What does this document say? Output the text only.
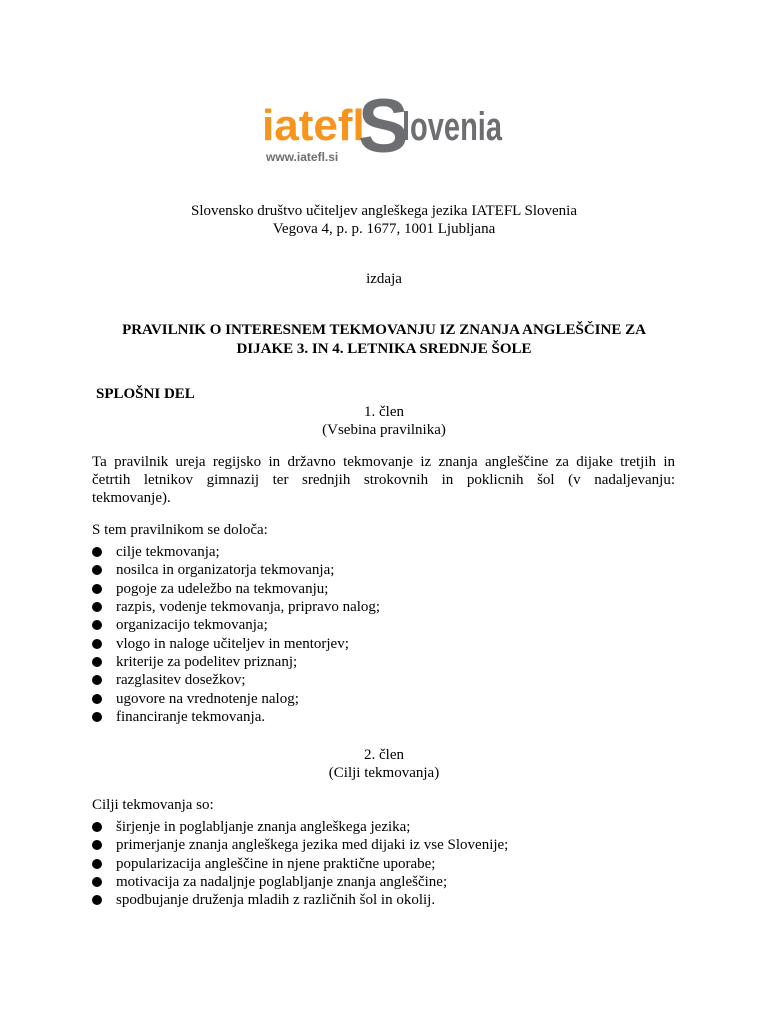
iatefl
S
lovenia
www.iatefl.si
Slovensko društvo učiteljev angleškega jezika IATEFL Slovenia
Vegova 4, p. p. 1677, 1001 Ljubljana
izdaja
PRAVILNIK O INTERESNEM TEKMOVANJU IZ ZNANJA ANGLEŠČINE ZA
DIJAKE 3. IN 4. LETNIKA SREDNJE ŠOLE
SPLOŠNI DEL
1. člen
(Vsebina pravilnika)
Ta pravilnik ureja regijsko in državno tekmovanje iz znanja angleščine za dijake tretjih in
četrtih letnikov gimnazij ter srednjih strokovnih in poklicnih šol (v nadaljevanju:
tekmovanje).
S tem pravilnikom se določa:
cilje tekmovanja;
nosilca in organizatorja tekmovanja;
pogoje za udeležbo na tekmovanju;
razpis, vodenje tekmovanja, pripravo nalog;
organizacijo tekmovanja;
vlogo in naloge učiteljev in mentorjev;
kriterije za podelitev priznanj;
razglasitev dosežkov;
ugovore na vrednotenje nalog;
financiranje tekmovanja.
2. člen
(Cilji tekmovanja)
Cilji tekmovanja so:
širjenje in poglabljanje znanja angleškega jezika;
primerjanje znanja angleškega jezika med dijaki iz vse Slovenije;
popularizacija angleščine in njene praktične uporabe;
motivacija za nadaljnje poglabljanje znanja angleščine;
spodbujanje druženja mladih z različnih šol in okolij.
